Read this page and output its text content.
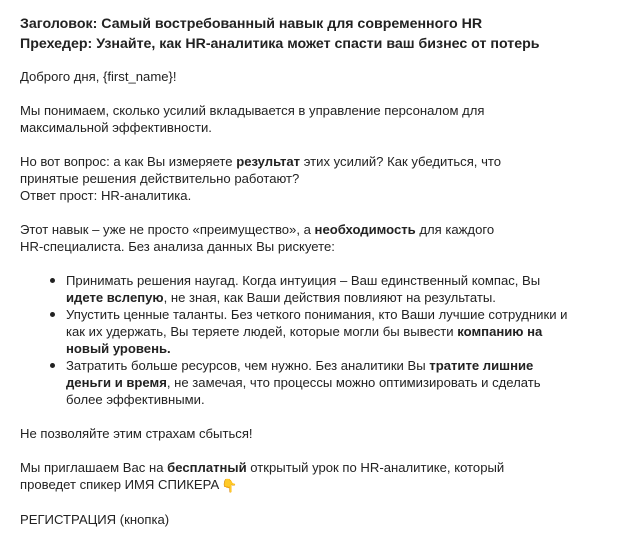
Заголовок: Самый востребованный навык для современного HR
Прехедер: Узнайте, как HR-аналитика может спасти ваш бизнес от потерь

Доброго дня, {first_name}!

Мы понимаем, сколько усилий вкладывается в управление персоналом для максимальной эффективности.

Но вот вопрос: а как Вы измеряете результат этих усилий? Как убедиться, что принятые решения действительно работают?

Ответ прост: HR-аналитика.

Этот навык – уже не просто «преимущество», а необходимость для каждого HR-специалиста. Без анализа данных Вы рискуете:

Принимать решения наугад. Когда интуиция – Ваш единственный компас, Вы идете вслепую, не зная, как Ваши действия повлияют на результаты.
Упустить ценные таланты. Без четкого понимания, кто Ваши лучшие сотрудники и как их удержать, Вы теряете людей, которые могли бы вывести компанию на новый уровень.
Затратить больше ресурсов, чем нужно. Без аналитики Вы тратите лишние деньги и время, не замечая, что процессы можно оптимизировать и сделать более эффективными.

Не позволяйте этим страхам сбыться!

Мы приглашаем Вас на бесплатный открытый урок по HR-аналитике, который проведет спикер ИМЯ СПИКЕРА 👇

РЕГИСТРАЦИЯ (кнопка)
